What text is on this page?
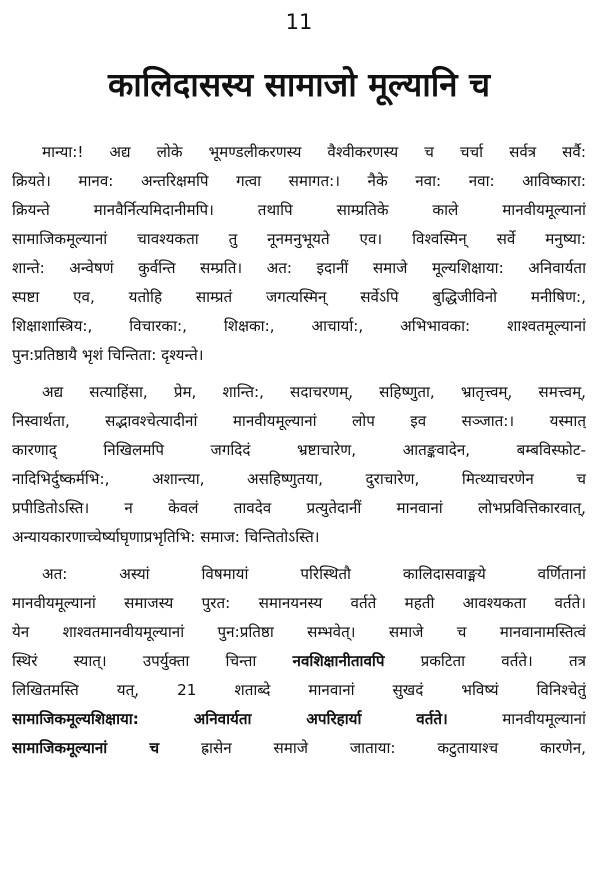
11
कालिदासस्य सामाजो मूल्यानि च
मान्या:! अद्य लोके भूमण्डलीकरणस्य वैश्वीकरणस्य च चर्चा सर्वत्र सर्वै:
क्रियते। मानव: अन्तरिक्षमपि गत्वा समागत:। नैके नवा: नवा: आविष्कारा:
क्रियन्ते मानवैर्नित्यमिदानीमपि। तथापि साम्प्रतिके काले मानवीयमूल्यानां
सामाजिकमूल्यानां चावश्यकता तु नूनमनुभूयते एव। विश्वस्मिन् सर्वे मनुष्या:
शान्ते: अन्वेषणं कुर्वन्ति सम्प्रति। अत: इदानीं समाजे मूल्यशिक्षाया: अनिवार्यता
स्पष्टा एव, यतोहि साम्प्रतं जगत्यस्मिन् सर्वेऽपि बुद्धिजीविनो मनीषिण:,
शिक्षाशास्त्रिय:, विचारका:, शिक्षका:, आचार्या:, अभिभावका: शाश्वतमूल्यानां
पुन:प्रतिष्ठायै भृशं चिन्तिता: दृश्यन्ते।
अद्य सत्याहिंसा, प्रेम, शान्ति:, सदाचरणम्, सहिष्णुता, भ्रातृत्त्वम्, समत्त्वम्,
निस्वार्थता, सद्भावश्चेत्यादीनां मानवीयमूल्यानां लोप इव सञ्जात:। यस्मात्
कारणाद् निखिलमपि जगदिदं भ्रष्टाचारेण, आतङ्कवादेन, बम्बविस्फोट-
नादिभिर्दुष्कर्मभि:, अशान्त्या, असहिष्णुतया, दुराचारेण, मित्थ्याचरणेन च
प्रपीडितोऽस्ति। न केवलं तावदेव प्रत्युतेदानीं मानवानां लोभप्रवित्तिकारवात्,
अन्यायकारणाच्चेर्ष्याघृणाप्रभृतिभि: समाज: चिन्तितोऽस्ति।
अत: अस्यां विषमायां परिस्थितौ कालिदासवाङ्मये वर्णितानां
मानवीयमूल्यानां समाजस्य पुरत: समानयनस्य वर्तते महती आवश्यकता वर्तते।
येन शाश्वतमानवीयमूल्यानां पुन:प्रतिष्ठा सम्भवेत्। समाजे च मानवानामस्तित्वं
स्थिरं स्यात्। उपर्युक्ता चिन्ता नवशिक्षानीतावपि प्रकटिता वर्तते। तत्र
लिखितमस्ति यत्, 21 शताब्दे मानवानां सुखदं भविष्यं विनिश्चेतुं
सामाजिकमूल्यशिक्षाया: अनिवार्यता अपरिहार्या वर्तते। मानवीयमूल्यानां
सामाजिकमूल्यानां च ह्रासेन समाजे जाताया: कटुतायाश्च कारणेन,
